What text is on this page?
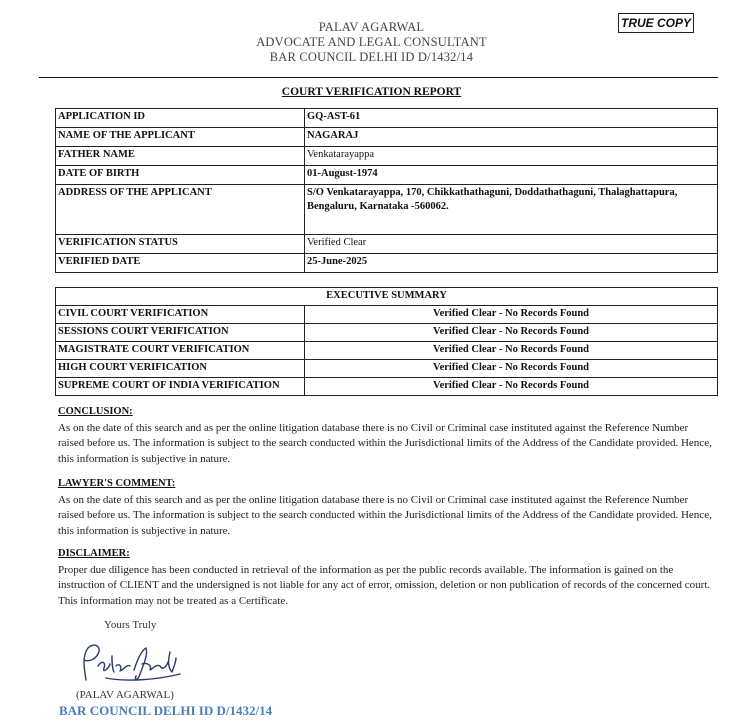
TRUE COPY
PALAV AGARWAL
ADVOCATE AND LEGAL CONSULTANT
BAR COUNCIL DELHI ID D/1432/14
COURT VERIFICATION REPORT
APPLICATION ID	GQ-AST-61
NAME OF THE APPLICANT	NAGARAJ
FATHER NAME	Venkatarayappa
DATE OF BIRTH	01-August-1974
ADDRESS OF THE APPLICANT	S/O Venkatarayappa, 170, Chikkathathaguni, Doddathathaguni, Thalaghattapura, Bengaluru, Karnataka -560062.
VERIFICATION STATUS	Verified Clear
VERIFIED DATE	25-June-2025
EXECUTIVE SUMMARY	
CIVIL COURT VERIFICATION	Verified Clear - No Records Found
SESSIONS COURT VERIFICATION	Verified Clear - No Records Found
MAGISTRATE COURT VERIFICATION	Verified Clear - No Records Found
HIGH COURT VERIFICATION	Verified Clear - No Records Found
SUPREME COURT OF INDIA VERIFICATION	Verified Clear - No Records Found
CONCLUSION:

As on the date of this search and as per the online litigation database there is no Civil or Criminal case instituted against the Reference Number raised before us. The information is subject to the search conducted within the Jurisdictional limits of the Address of the Candidate provided. Hence, this information is subjective in nature.

LAWYER'S COMMENT:

As on the date of this search and as per the online litigation database there is no Civil or Criminal case instituted against the Reference Number raised before us. The information is subject to the search conducted within the Jurisdictional limits of the Address of the Candidate provided. Hence, this information is subjective in nature.

DISCLAIMER:

Proper due diligence has been conducted in retrieval of the information as per the public records available. The information is gained on the instruction of CLIENT and the undersigned is not liable for any act of error, omission, deletion or non publication of records of the concerned court. This information may not be treated as a Certificate.

Yours Truly
(PALAV AGARWAL)
BAR COUNCIL DELHI ID D/1432/14
